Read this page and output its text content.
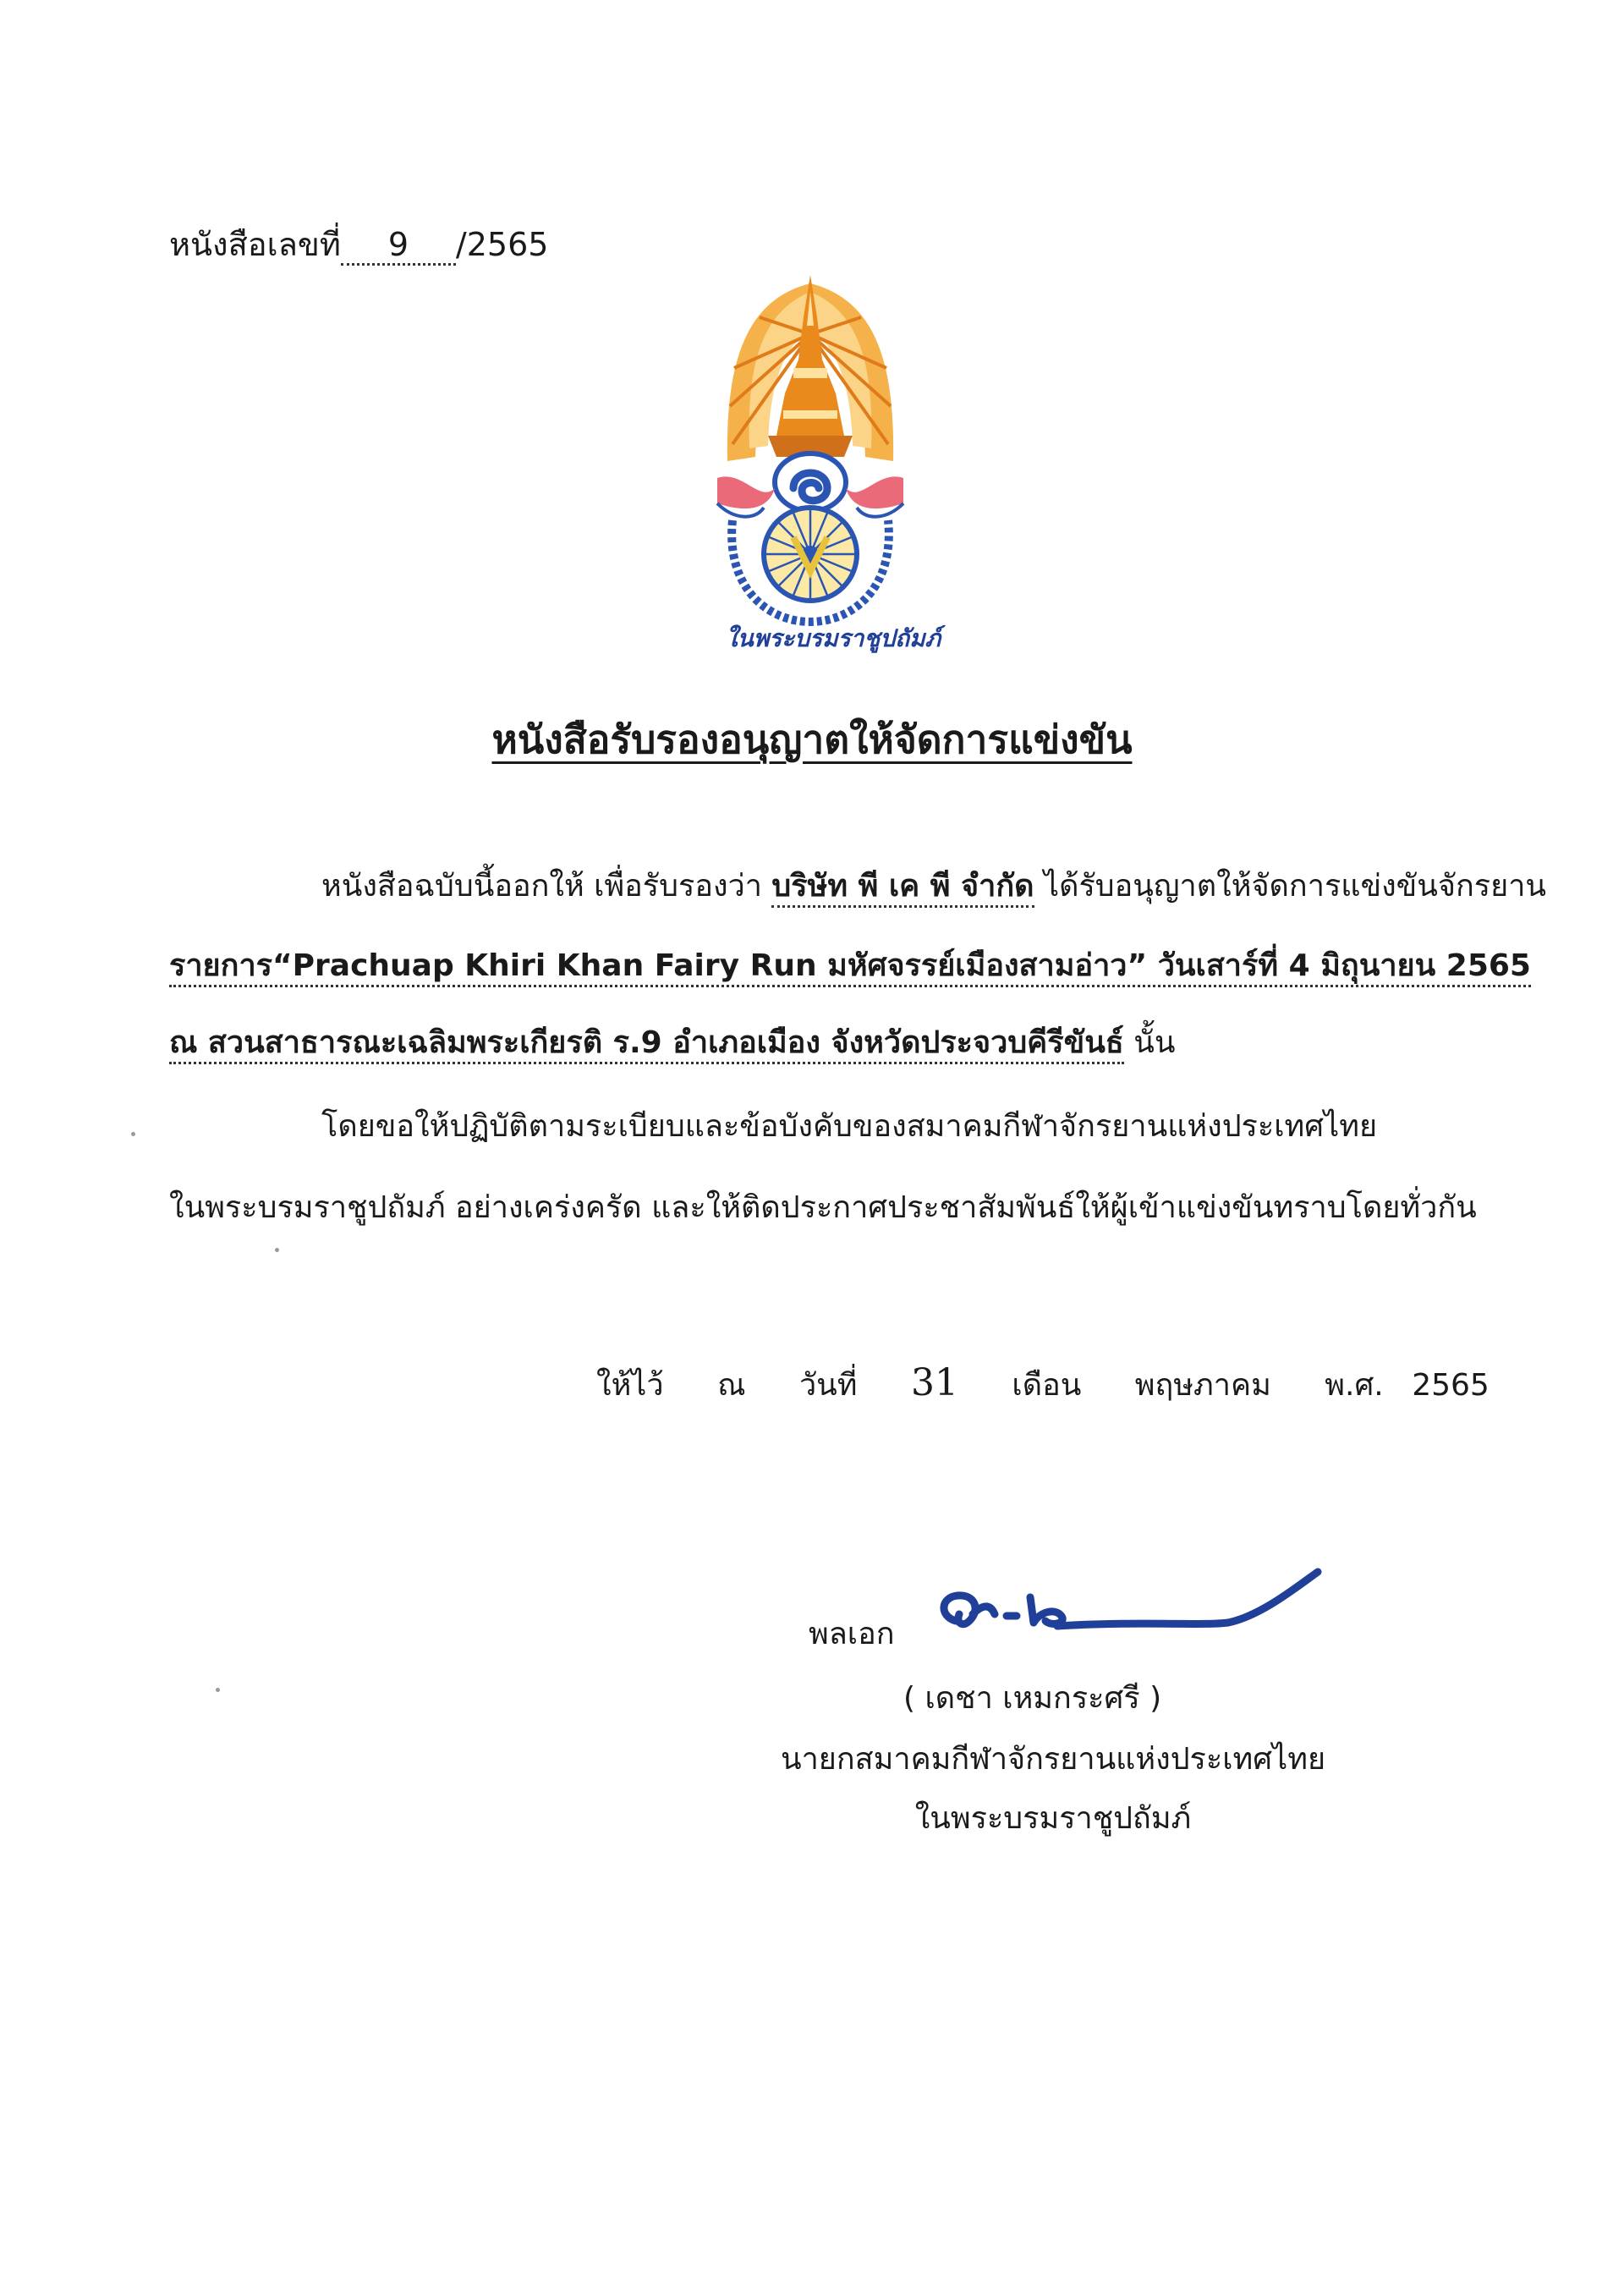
หนังสือเลขที่ 9 /2565
ในพระบรมราชูปถัมภ์
หนังสือรับรองอนุญาตให้จัดการแข่งขัน
หนังสือฉบับนี้ออกให้ เพื่อรับรองว่า บริษัท พี เค พี จำกัด ได้รับอนุญาตให้จัดการแข่งขันจักรยาน
รายการ“Prachuap Khiri Khan Fairy Run มหัศจรรย์เมืองสามอ่าว” วันเสาร์ที่ 4 มิถุนายน 2565
ณ สวนสาธารณะเฉลิมพระเกียรติ ร.9 อำเภอเมือง จังหวัดประจวบคีรีขันธ์ นั้น
โดยขอให้ปฏิบัติตามระเบียบและข้อบังคับของสมาคมกีฬาจักรยานแห่งประเทศไทย
ในพระบรมราชูปถัมภ์ อย่างเคร่งครัด และให้ติดประกาศประชาสัมพันธ์ให้ผู้เข้าแข่งขันทราบโดยทั่วกัน
ให้ไว้ ณ วันที่ 31 เดือน พฤษภาคม พ.ศ. 2565
พลเอก
( เดชา เหมกระศรี )
นายกสมาคมกีฬาจักรยานแห่งประเทศไทย
ในพระบรมราชูปถัมภ์
